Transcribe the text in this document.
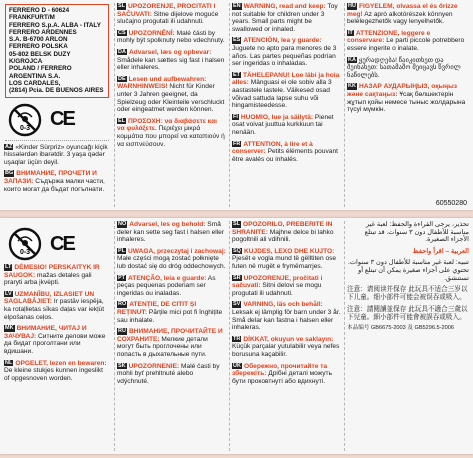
FERRERO D - 60624 FRANKFURT/M
FERRERO S.p.A. ALBA - ITALY
FERRERO ARDENNES
S.A. B-6700 ARLON
FERRERO POLSKA
05-802 BELSK DUZY K/GROJCA
POLAND / FERRERO ARGENTINA S.A.
LOS CARDALES,
(2814) Pcia. DE BUENOS AIRES
0-3 CE
AZ «Kinder Sürpriz» oyuncağı kiçik hissələrdən ibarətdir. 3 yaşa qədər uşaqlar üçün deyil.
BG ВНИМАНИЕ, ПРОЧЕТИ И ЗАПАЗИ: Съдържа малки части, които могат да бъдат погълнати.
SL UPOZORENJE, PROČITATI I SAČUVATI: Sitne dijelove moguće slučajno progutati ili udahnuti.
CS UPOZORNĚNÍ: Malé části by mohly být spolknuty nebo vdechnuty.
DA Advarsel, læs og opbevar: Smådele kan sættes sig fast i halsen eller inhaleres.
DE Lesen und aufbewahren: WARNHINWEIS! Nicht für Kinder unter 3 Jahren geeignet, da Spielzeug oder Kleinteile verschluckt oder eingeatmet werden können.
EL ΠΡΟΣΟΧΗ: να διαβάσετε και να φυλάξετε. Περιέχει μικρά κομμάτια που μπορεί να καταπιούν ή να εισπνεύσουν.
EN WARNING, read and keep: Toy not suitable for children under 3 years. Small parts might be swallowed or inhaled.
ES ATENCIÓN, lea y guarde: Juguete no apto para menores de 3 años. Las partes pequeñas podrían ser ingeridas o inhaladas.
ET TÄHELEPANU! Loe läbi ja hoia alles: Mänguasi ei ole sobiv alla 3 aastastele lastele. Väikesed osad võivad sattuda lapse suhu või hingamisteedesse.
FI HUOMIO, lue ja säilytä: Pienet osat voivat juuttua kurkkuun tai nenään.
FR ATTENTION, à lire et à conserver: Petits éléments pouvant être avalés ou inhalés.
HU FIGYELEM, olvassa el és őrizze meg! Az apró alkotórészek könnyen belélegezhetők vagy lenyelhetők.
IT ATTENZIONE, leggere e conservare: Le parti piccole potrebbero essere ingerite o inalate.
KA ყურადღება! წაიკითხეთ და შეინახეთ: სათამაშო შეიცავს წვრილ ნაწილებს.
KK НАЗАР АУДАРЫҢЫЗ, оқыңыз және сақтаңыз: Ұсақ бөлшектерін жұтып қойы немесе тыныс жолдарына түсуі мүмкін.
60550280
0-3 CE
LT DĖMESIO! PERSKAITYK IR SAUGOK: mažas detales gali praryti arba įkvėpti.
LV UZMANĪBU, IZLASIET UN SAGLABĀJIET: Ir pastāv iespēja, ka rotaļlietas sīkas daļas var iekļūt elpošanas ceļos.
MK ВНИМАНИЕ, ЧИТАЈ И ЗАЧУВАЈ: Ситните делови може да бидат проголтани или вдишани.
NL OPGELET, lezen en bewaren: De kleine stukjes kunnen ingeslikt of opgesnoven worden.
NO Advarsel, les og behold: Små deler kan sette seg fast i halsen eller inhaleres.
PL UWAGA, przeczytaj i zachowaj: Małe części mogą zostać połknięte lub dostać się do dróg oddechowych.
PT ATENÇÃO, leia e guarde: As peças pequenas poderiam ser ingeridas ou inaladas.
RO ATENȚIE, DE CITIT ȘI REȚINUT: Părțile mici pot fi înghițite sau inhalate.
RU ВНИМАНИЕ, ПРОЧИТАЙТЕ И СОХРАНИТЕ: Мелкие детали могут быть проглочены или попасть в дыхательные пути.
SK UPOZORNENIE: Malé časti by mohli byť prehltnuté alebo vdýchnuté.
SL OPOZORILO, PREBERITE IN SHRANITE: Majhne delce bi lahko pogoltnili ali vdihnili.
SQ KUJDES, LEXO DHE KUJTO: Pjesët e vogla mund të gëlltiten ose futen në rrugët e frymëmarrjes.
SR UPOZORENJE, pročitati i sačuvati: Sitni delovi se mogu progutati ili udahnuti.
SV VARNING, läs och behåll: Leksak ej lämplig för barn under 3 år. Små delar kan fastna i halsen eller inhaleras.
TR DİKKAT, okuyun ve saklayın: Küçük parçalar yutulabilir veya nefes borusuna kaçabilir.
UK Обережно, прочитайте та збережіть: Дрібні деталі можуть бути проковтнуті або вдихнуті.
تحذير، يرجى القراءة والحفظ: لعبة غير مناسبة للأطفال دون ٣ سنوات. قد تبتلع الأجزاء الصغيرة.
العربية – اقرأ واحفظ
تنبيه: لعبة غير مناسبة للأطفال دون ٣ سنوات. تحتوي على أجزاء صغيرة يمكن أن تبتلع أو تستنشق.
注意：请阅读并保存 此玩具不适合三岁以下儿童。细小部件可能会被误吞或吸入。
注意：請閱讀並保存 此玩具不適合三歲以下兒童。細小部件可能會被誤吞或吸入。
本品编号 GB6675-2003 及 GB5296.5-2006
